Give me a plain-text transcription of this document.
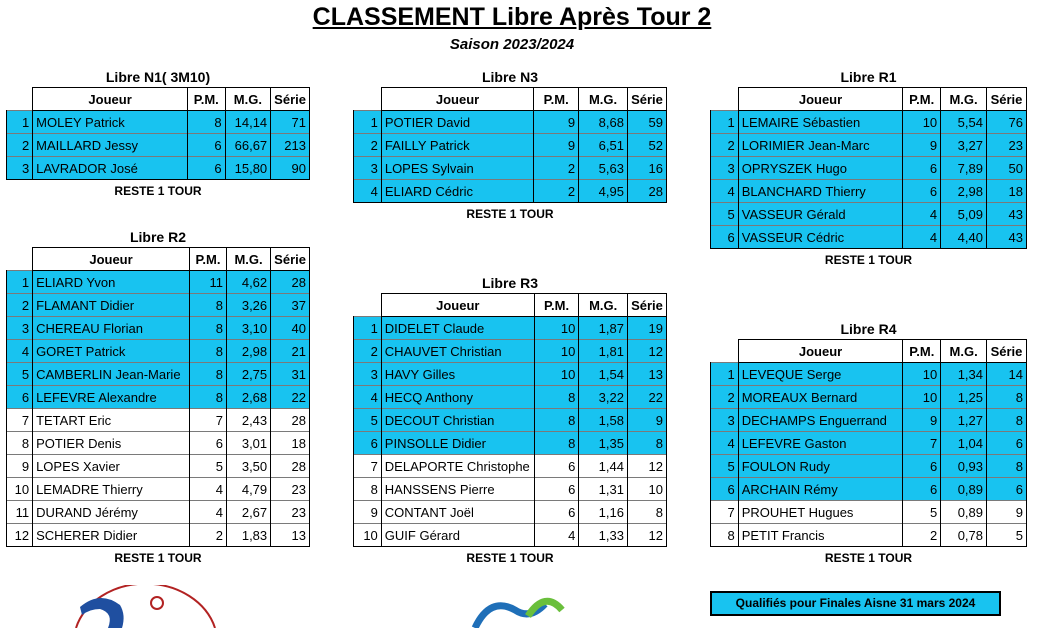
CLASSEMENT Libre Après Tour 2
Saison 2023/2024
Libre N1( 3M10)
	Joueur	P.M.	M.G.	Série
1	MOLEY Patrick	8	14,14	71
2	MAILLARD Jessy	6	66,67	213
3	LAVRADOR José	6	15,80	90
RESTE 1 TOUR
Libre N3
	Joueur	P.M.	M.G.	Série
1	POTIER David	9	8,68	59
2	FAILLY Patrick	9	6,51	52
3	LOPES Sylvain	2	5,63	16
4	ELIARD Cédric	2	4,95	28
RESTE 1 TOUR
Libre R1
	Joueur	P.M.	M.G.	Série
1	LEMAIRE Sébastien	10	5,54	76
2	LORIMIER Jean-Marc	9	3,27	23
3	OPRYSZEK Hugo	6	7,89	50
4	BLANCHARD Thierry	6	2,98	18
5	VASSEUR Gérald	4	5,09	43
6	VASSEUR Cédric	4	4,40	43
RESTE 1 TOUR
Libre R2
	Joueur	P.M.	M.G.	Série
1	ELIARD Yvon	11	4,62	28
2	FLAMANT Didier	8	3,26	37
3	CHEREAU Florian	8	3,10	40
4	GORET Patrick	8	2,98	21
5	CAMBERLIN Jean-Marie	8	2,75	31
6	LEFEVRE Alexandre	8	2,68	22
7	TETART Eric	7	2,43	28
8	POTIER Denis	6	3,01	18
9	LOPES Xavier	5	3,50	28
10	LEMADRE Thierry	4	4,79	23
11	DURAND Jérémy	4	2,67	23
12	SCHERER Didier	2	1,83	13
RESTE 1 TOUR
Libre R3
	Joueur	P.M.	M.G.	Série
1	DIDELET Claude	10	1,87	19
2	CHAUVET Christian	10	1,81	12
3	HAVY Gilles	10	1,54	13
4	HECQ Anthony	8	3,22	22
5	DECOUT Christian	8	1,58	9
6	PINSOLLE Didier	8	1,35	8
7	DELAPORTE Christophe	6	1,44	12
8	HANSSENS Pierre	6	1,31	10
9	CONTANT Joël	6	1,16	8
10	GUIF Gérard	4	1,33	12
RESTE 1 TOUR
Libre R4
	Joueur	P.M.	M.G.	Série
1	LEVEQUE Serge	10	1,34	14
2	MOREAUX Bernard	10	1,25	8
3	DECHAMPS Enguerrand	9	1,27	8
4	LEFEVRE Gaston	7	1,04	6
5	FOULON Rudy	6	0,93	8
6	ARCHAIN Rémy	6	0,89	6
7	PROUHET Hugues	5	0,89	9
8	PETIT Francis	2	0,78	5
RESTE 1 TOUR
Qualifiés pour Finales Aisne 31 mars 2024
